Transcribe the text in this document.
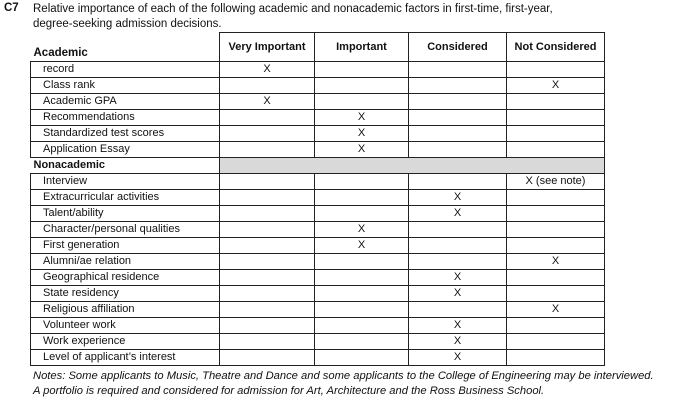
C7 Relative importance of each of the following academic and nonacademic factors in first-time, first-year,
degree-seeking admission decisions.
Academic	Very Important	Important	Considered	Not Considered
record	X			
Class rank				X
Academic GPA	X			
Recommendations		X		
Standardized test scores		X		
Application Essay		X		
Nonacademic				
Interview				X (see note)
Extracurricular activities			X	
Talent/ability			X	
Character/personal qualities		X		
First generation		X		
Alumni/ae relation				X
Geographical residence			X	
State residency			X	
Religious affiliation				X
Volunteer work			X	
Work experience			X	
Level of applicant’s interest			X	
Notes: Some applicants to Music, Theatre and Dance and some applicants to the College of Engineering may be interviewed.
A portfolio is required and considered for admission for Art, Architecture and the Ross Business School.
